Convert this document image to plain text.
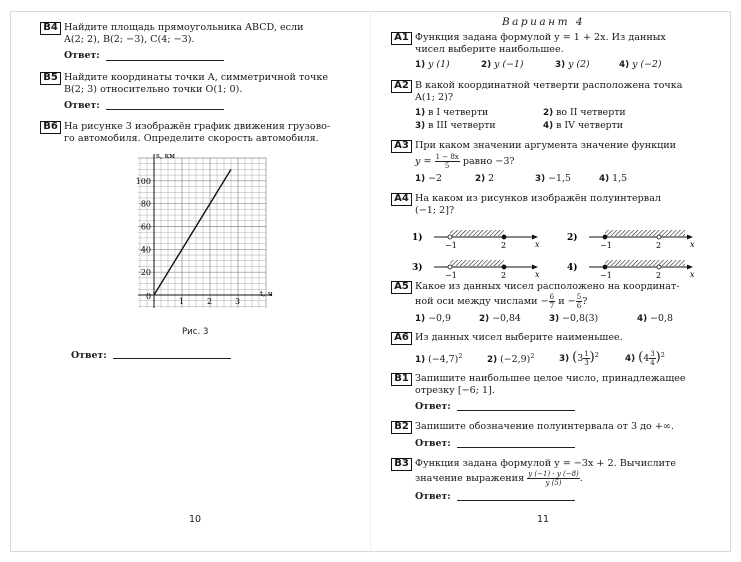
B4 Найдите площадь прямоугольника ABCD, если
A(2; 2), B(2; −3), C(4; −3).
Ответ:
B5 Найдите координаты точки A, симметричной точке
B(2; 3) относительно точки O(1; 0).
Ответ:
B6 На рисунке 3 изображён график движения грузово-
го автомобиля. Определите скорость автомобиля.
s, км
t, ч
0
1	2	3
20
40
60
80
100
Рис. 3
Ответ:
10
Вариант 4
A1 Функция задана формулой y = 1 + 2x. Из данных
чисел выберите наибольшее.
1) y (1)	2) y (−1)	3) y (2)	4) y (−2)
A2 В какой координатной четверти расположена точка
A(1; 2)?
1) в I четверти	2) во II четверти
3) в III четверти	4) в IV четверти
A3 При каком значении аргумента значение функции
$y = \frac{1 - 8x}{5}$ равно −3?
1) −2	2) 2	3) −1,5	4) 1,5
A4 На каком из рисунков изображён полуинтервал
(−1; 2]?
1)
x
−1	2
2)
x
−1	2
3)
x
−1	2
4)
x
−1	2
A5 Какое из данных чисел расположено на координат-
ной оси между числами − $\frac{6}{7}$ $и - \frac{5}{6}$ ?
1) −0,9	2) −0,84	3) −0,8(3)	4) −0,8
A6 Из данных чисел выберите наименьшее.
1) $(-4,7)^2$	2) $(-2,9)^2$	3) $(3 \frac{1}{3} )^2$	4) $(4 \frac{3}{4} )^2$
B1 Запишите наибольшее целое число, принадлежащее
отрезку [−6; 1].
Ответ:
B2 Запишите обозначение полуинтервала от 3 до +∞.
Ответ:
B3 Функция задана формулой y = −3x + 2. Вычислите
значение выражения $\frac{y (-1) \cdot y (-8)}{y (5)}$ .
Ответ:
11
